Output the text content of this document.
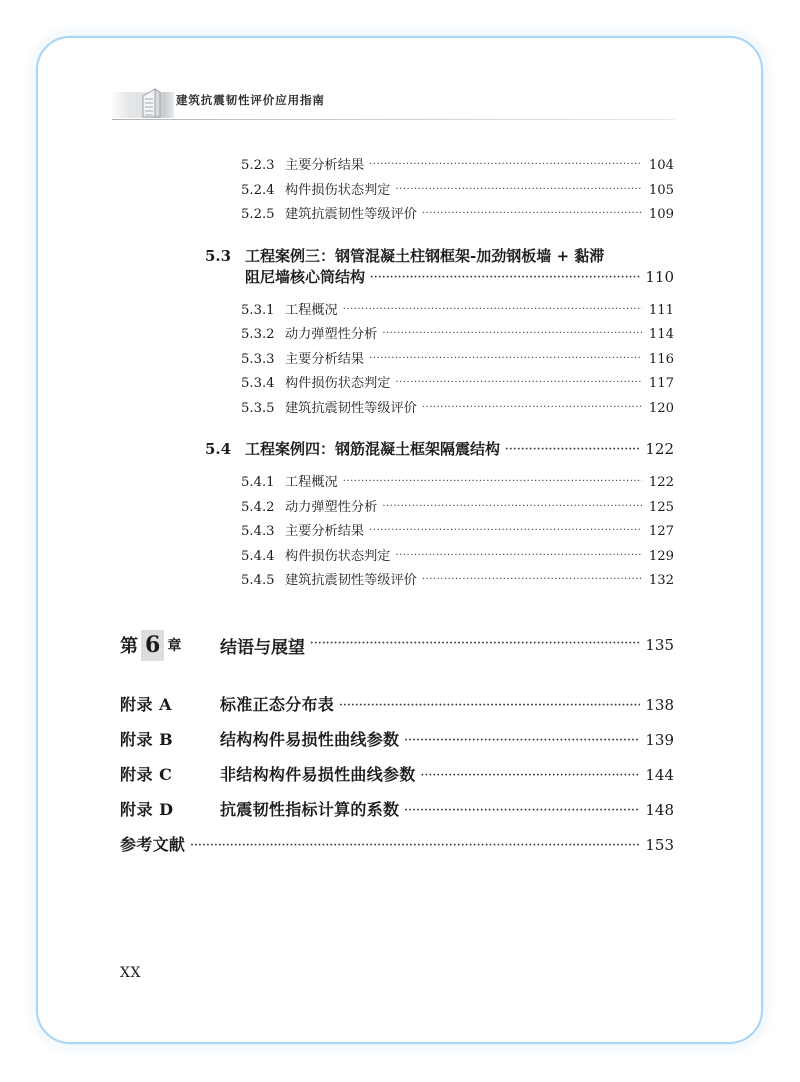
建筑抗震韧性评价应用指南
5.2.3 主要分析结果 ·····	104
5.2.4 构件损伤状态判定 ·····	105
5.2.5 建筑抗震韧性等级评价 ·····	109
5.3 工程案例三：钢管混凝土柱钢框架-加劲钢板墙 + 黏滞
阻尼墙核心筒结构 ·····	110
5.3.1 工程概况 ·····	111
5.3.2 动力弹塑性分析 ·····	114
5.3.3 主要分析结果 ·····	116
5.3.4 构件损伤状态判定 ·····	117
5.3.5 建筑抗震韧性等级评价 ·····	120
5.4 工程案例四：钢筋混凝土框架隔震结构 ·····	122
5.4.1 工程概况 ·····	122
5.4.2 动力弹塑性分析 ·····	125
5.4.3 主要分析结果 ·····	127
5.4.4 构件损伤状态判定 ·····	129
5.4.5 建筑抗震韧性等级评价 ·····	132
第 6 章 结语与展望 ·····	135
附录 A	标准正态分布表 ·····	138
附录 B	结构构件易损性曲线参数 ·····	139
附录 C	非结构构件易损性曲线参数 ·····	144
附录 D	抗震韧性指标计算的系数 ·····	148
参考文献 ·····	153
XX
